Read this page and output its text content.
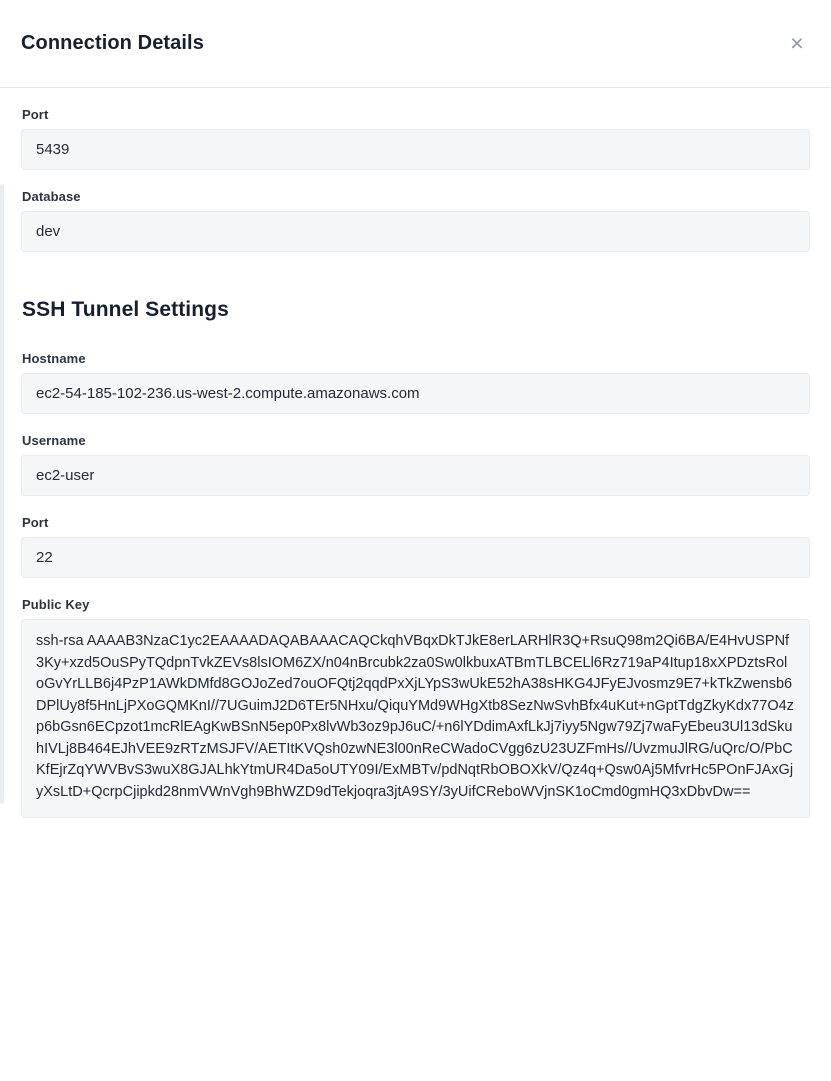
Connection Details	×
Port
5439
Database
dev
SSH Tunnel Settings
Hostname
ec2-54-185-102-236.us-west-2.compute.amazonaws.com
Username
ec2-user
Port
22
Public Key
ssh-rsa AAAAB3NzaC1yc2EAAAADAQABAAACAQCkqhVBqxDkTJkE8erLARHlR3Q+RsuQ98m2Qi6BA/E4HvUSPNf3Ky+xzd5OuSPyTQdpnTvkZEVs8lsIOM6ZX/n04nBrcubk2za0Sw0lkbuxATBmTLBCELl6Rz719aP4Itup18xXPDztsRoloGvYrLLB6j4PzP1AWkDMfd8GOJoZed7ouOFQtj2qqdPxXjLYpS3wUkE52hA38sHKG4JFyEJvosmz9E7+kTkZwensb6DPlUy8f5HnLjPXoGQMKnI//7UGuimJ2D6TEr5NHxu/QiquYMd9WHgXtb8SezNwSvhBfx4uKut+nGptTdgZkyKdx77O4zp6bGsn6ECpzot1mcRlEAgKwBSnN5ep0Px8lvWb3oz9pJ6uC/+n6lYDdimAxfLkJj7iyy5Ngw79Zj7waFyEbeu3Ul13dSkuhIVLj8B464EJhVEE9zRTzMSJFV/AETItKVQsh0zwNE3l00nReCWadoCVgg6zU23UZFmHs//UvzmuJlRG/uQrc/O/PbCKfEjrZqYWVBvS3wuX8GJALhkYtmUR4Da5oUTY09I/ExMBTv/pdNqtRbOBOXkV/Qz4q+Qsw0Aj5MfvrHc5POnFJAxGjyXsLtD+QcrpCjipkd28nmVWnVgh9BhWZD9dTekjoqra3jtA9SY/3yUifCReboWVjnSK1oCmd0gmHQ3xDbvDw==
